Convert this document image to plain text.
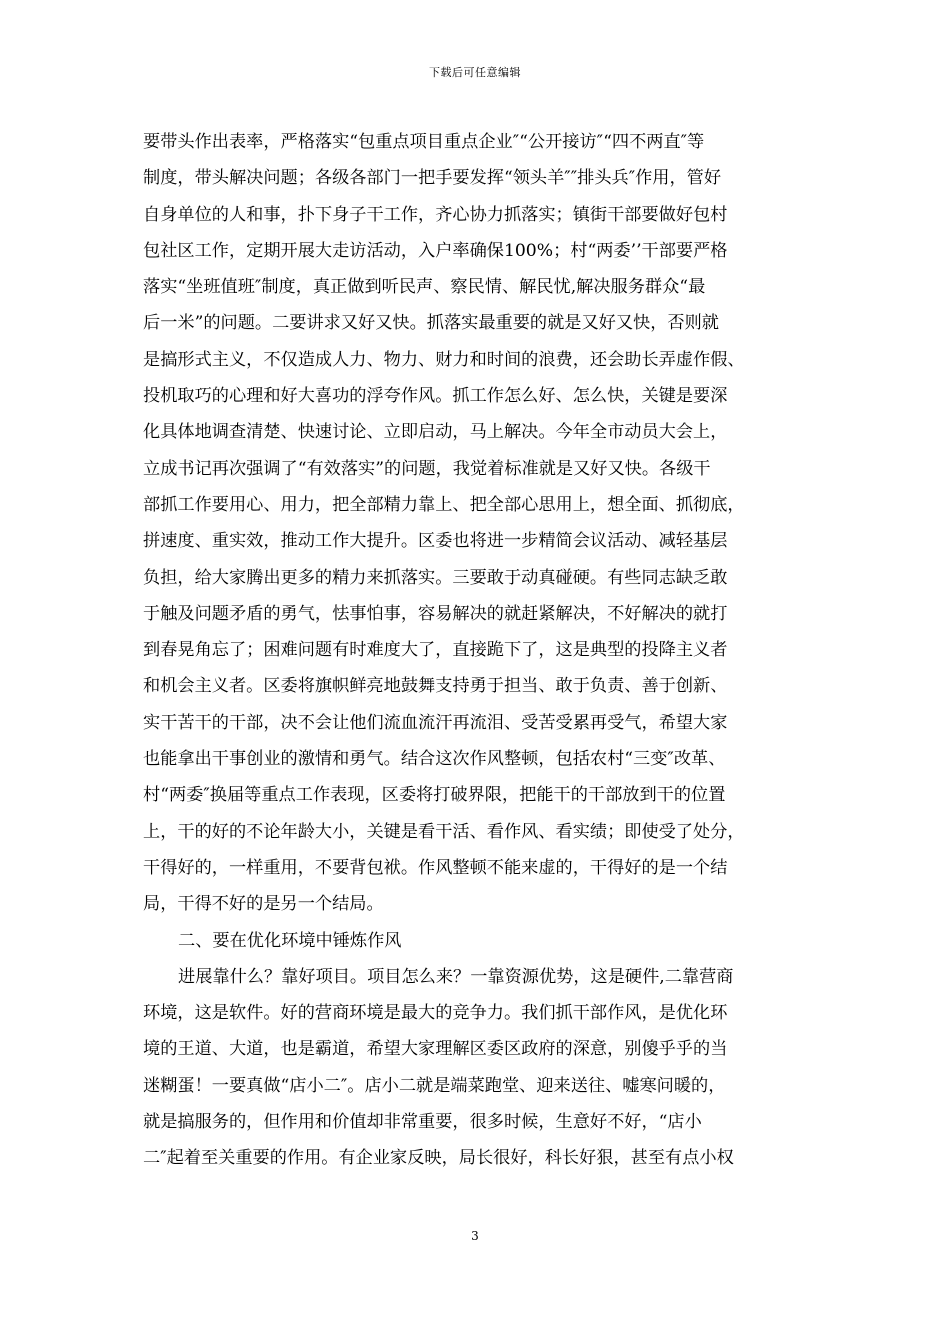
下载后可任意编辑
要带头作出表率，严格落实“包重点项目重点企业″“公开接访″“四不两直″等
制度，带头解决问题；各级各部门一把手要发挥“领头羊″″排头兵″作用，管好
自身单位的人和事，扑下身子干工作，齐心协力抓落实；镇街干部要做好包村
包社区工作，定期开展大走访活动，入户率确保100%；村“两委’’干部要严格
落实“坐班值班″制度，真正做到听民声、察民情、解民忧,解决服务群众“最
后一米”的问题。二要讲求又好又快。抓落实最重要的就是又好又快，否则就
是搞形式主义，不仅造成人力、物力、财力和时间的浪费，还会助长弄虚作假、
投机取巧的心理和好大喜功的浮夸作风。抓工作怎么好、怎么快，关键是要深
化具体地调查清楚、快速讨论、立即启动，马上解决。今年全市动员大会上，
立成书记再次强调了“有效落实”的问题，我觉着标准就是又好又快。各级干
部抓工作要用心、用力，把全部精力靠上、把全部心思用上，想全面、抓彻底，
拼速度、重实效，推动工作大提升。区委也将进一步精简会议活动、减轻基层
负担，给大家腾出更多的精力来抓落实。三要敢于动真碰硬。有些同志缺乏敢
于触及问题矛盾的勇气，怯事怕事，容易解决的就赶紧解决，不好解决的就打
到春晃角忘了；困难问题有时难度大了，直接跪下了，这是典型的投降主义者
和机会主义者。区委将旗帜鲜亮地鼓舞支持勇于担当、敢于负责、善于创新、
实干苦干的干部，决不会让他们流血流汗再流泪、受苦受累再受气，希望大家
也能拿出干事创业的激情和勇气。结合这次作风整顿，包括农村“三变″改革、
村“两委″换届等重点工作表现，区委将打破界限，把能干的干部放到干的位置
上，干的好的不论年龄大小，关键是看干活、看作风、看实绩；即使受了处分，
干得好的，一样重用，不要背包袱。作风整顿不能来虚的，干得好的是一个结
局，干得不好的是另一个结局。
二、要在优化环境中锤炼作风
进展靠什么？靠好项目。项目怎么来？一靠资源优势，这是硬件,二靠营商
环境，这是软件。好的营商环境是最大的竞争力。我们抓干部作风，是优化环
境的王道、大道，也是霸道，希望大家理解区委区政府的深意，别傻乎乎的当
迷糊蛋！一要真做“店小二″。店小二就是端菜跑堂、迎来送往、嘘寒问暖的，
就是搞服务的，但作用和价值却非常重要，很多时候，生意好不好，“店小
二″起着至关重要的作用。有企业家反映，局长很好，科长好狠，甚至有点小权
3
